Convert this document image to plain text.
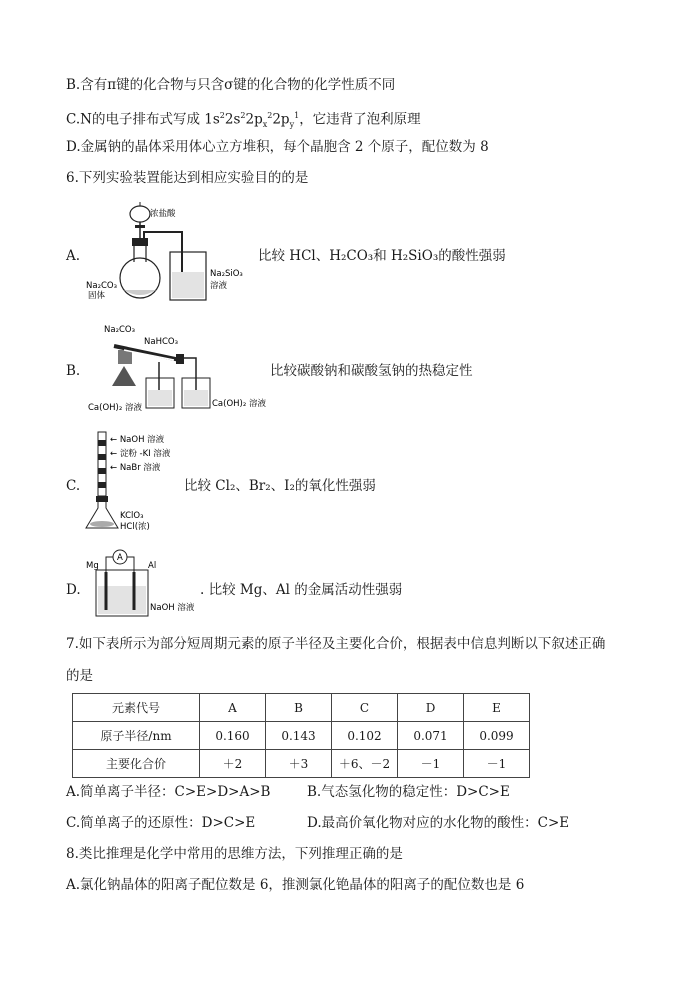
B.含有π键的化合物与只含σ键的化合物的化学性质不同
C.N的电子排布式写成 $1s^22s^22p_x^22p_y^1$，它违背了泡利原理
D.金属钠的晶体采用体心立方堆积，每个晶胞含 2 个原子，配位数为 8
6.下列实验装置能达到相应实验目的的是
A.
浓盐酸
Na₂CO₃
固体
Na₂SiO₃
溶液
比较 HCl、H₂CO₃和 H₂SiO₃的酸性强弱
B.
Na₂CO₃
NaHCO₃
Ca(OH)₂ 溶液	Ca(OH)₂ 溶液
比较碳酸钠和碳酸氢钠的热稳定性
C.
← NaOH 溶液
← 淀粉 -KI 溶液
← NaBr 溶液
KClO₃
HCl(浓)
比较 Cl₂、Br₂、I₂的氧化性强弱
D.
Mg	Al
A
NaOH 溶液
. 比较 Mg、Al 的金属活动性强弱
7.如下表所示为部分短周期元素的原子半径及主要化合价，根据表中信息判断以下叙述正确
的是
元素代号	A	B	C	D	E
原子半径/nm	0.160	0.143	0.102	0.071	0.099
主要化合价	＋2	＋3	＋6、－2	－1	－1
A.简单离子半径：C>E>D>A>B	B.气态氢化物的稳定性：D>C>E
C.简单离子的还原性：D>C>E	D.最高价氧化物对应的水化物的酸性：C>E
8.类比推理是化学中常用的思维方法，下列推理正确的是
A.氯化钠晶体的阳离子配位数是 6，推测氯化铯晶体的阳离子的配位数也是 6
